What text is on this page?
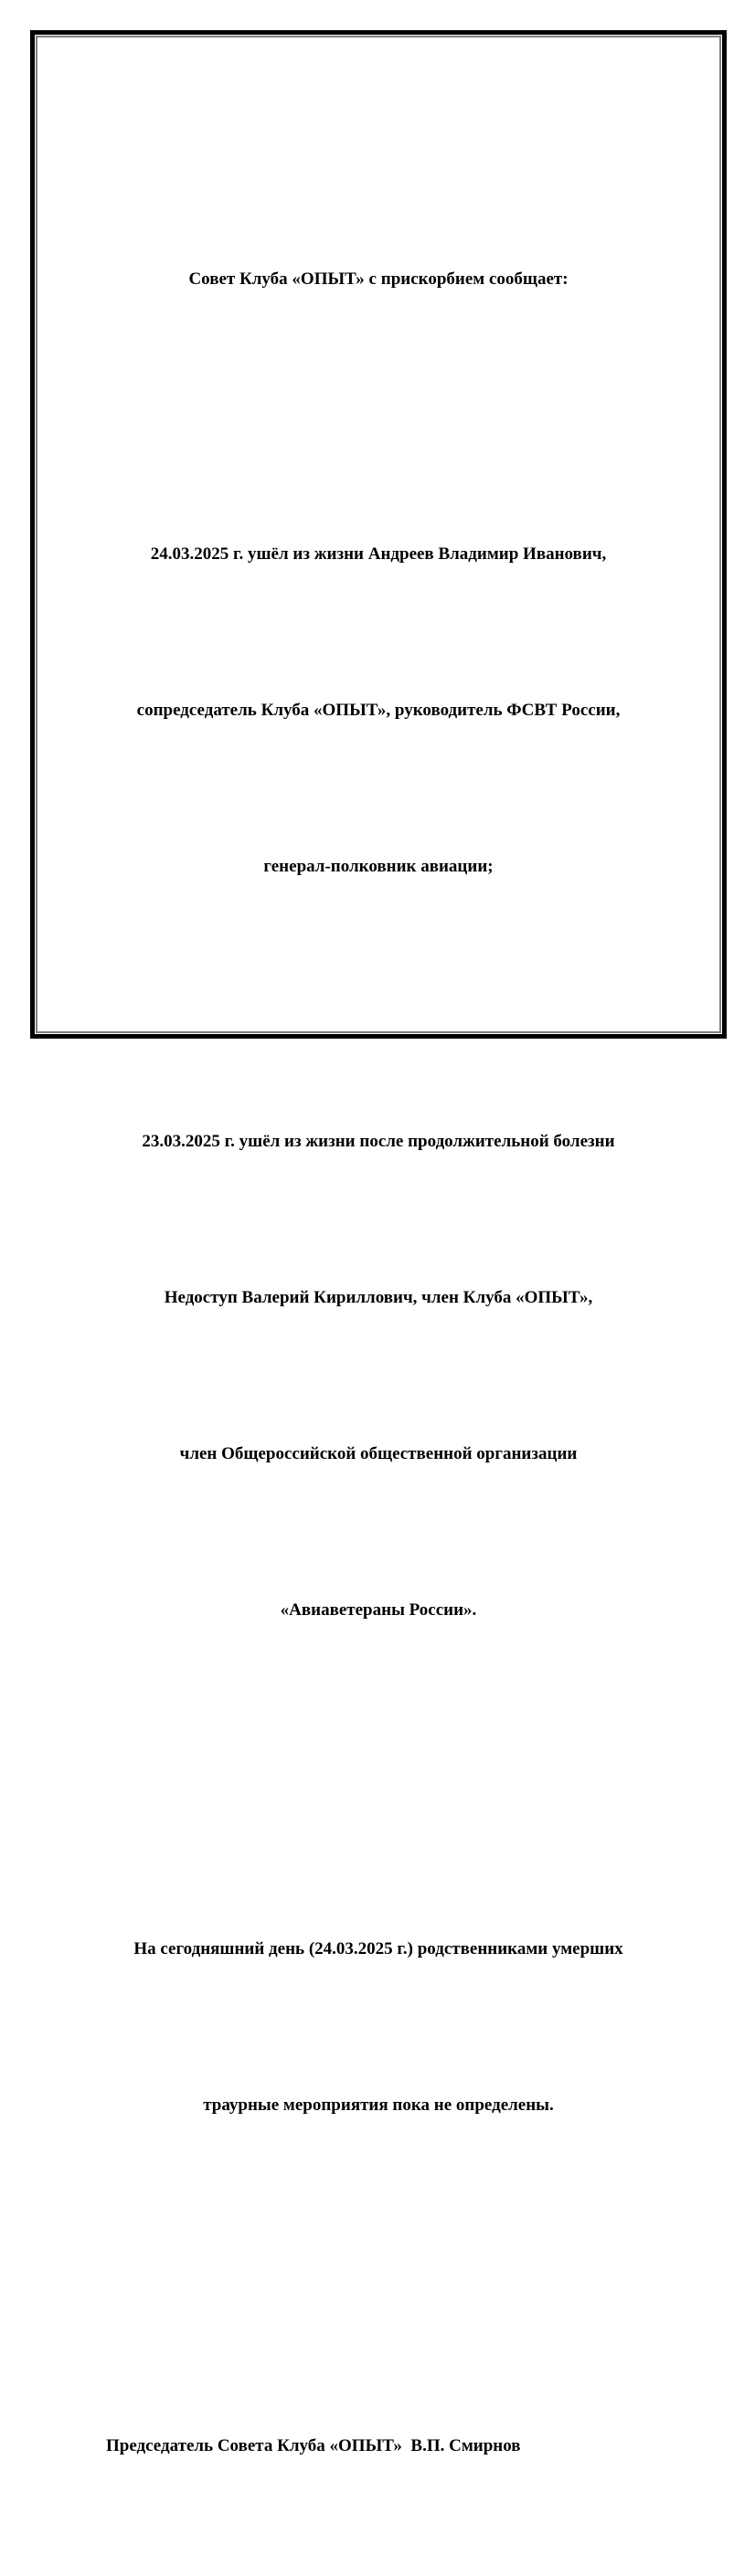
Совет Клуба «ОПЫТ» с прискорбием сообщает:

24.03.2025 г. ушёл из жизни Андреев Владимир Иванович,

сопредседатель Клуба «ОПЫТ», руководитель ФСВТ России,

генерал-полковник авиации;

23.03.2025 г. ушёл из жизни после продолжительной болезни

Недоступ Валерий Кириллович, член Клуба «ОПЫТ»,

член Общероссийской общественной организации

«Авиаветераны России».

На сегодняшний день (24.03.2025 г.) родственниками умерших

траурные мероприятия пока не определены.

Председатель Совета Клуба «ОПЫТ»  В.П. Смирнов
